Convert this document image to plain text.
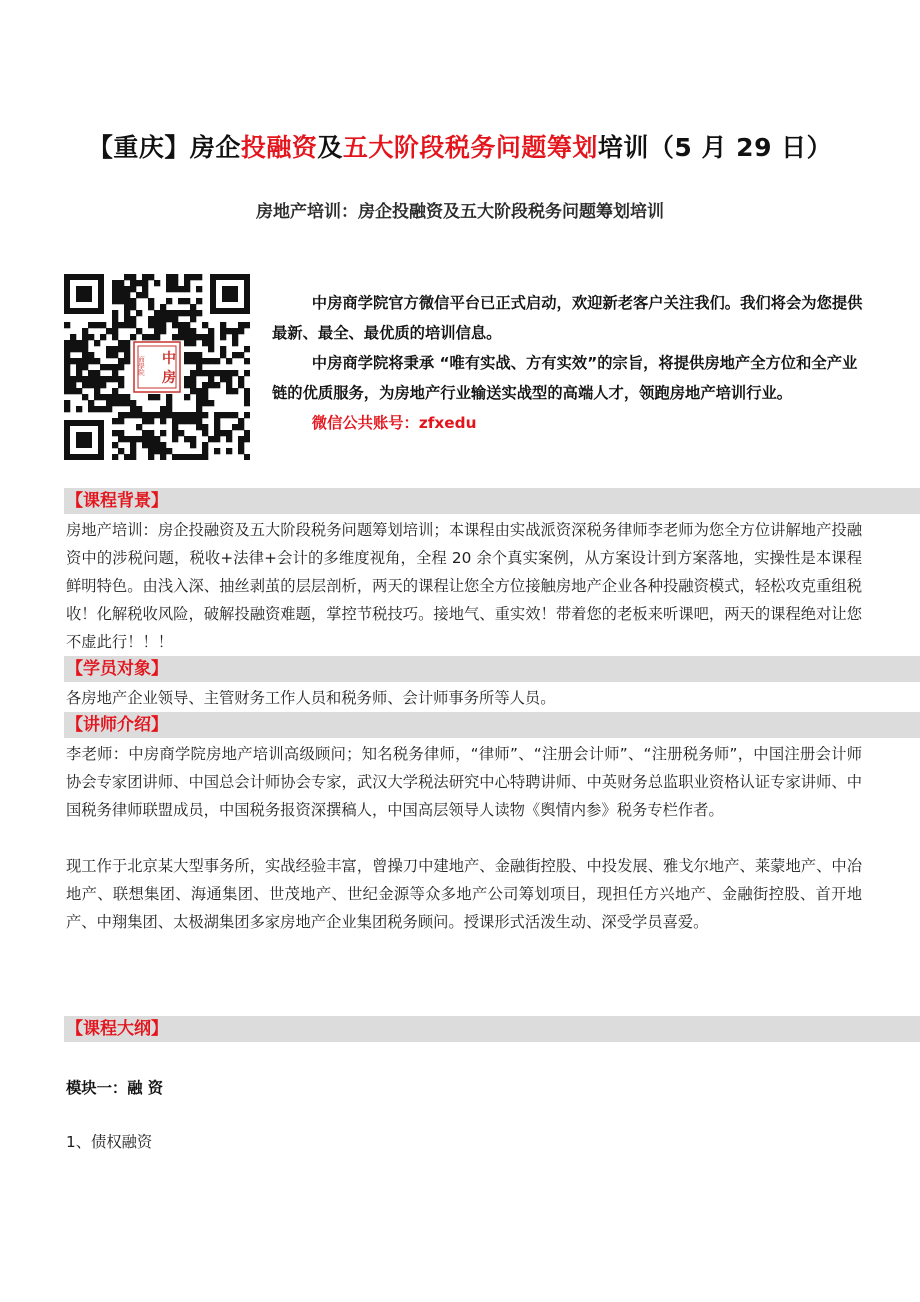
【重庆】房企投融资及五大阶段税务问题筹划培训（5 月 29 日）
房地产培训：房企投融资及五大阶段税务问题筹划培训
中
房
商學院

中房商学院官方微信平台已正式启动，欢迎新老客户关注我们。我们将会为您提供最新、最全、最优质的培训信息。

中房商学院将秉承 “唯有实战、方有实效”的宗旨，将提供房地产全方位和全产业链的优质服务，为房地产行业输送实战型的高端人才，领跑房地产培训行业。

微信公共账号：zfxedu

【课程背景】

房地产培训：房企投融资及五大阶段税务问题筹划培训；本课程由实战派资深税务律师李老师为您全方位讲解地产投融资中的涉税问题，税收+法律+会计的多维度视角，全程 20 余个真实案例，从方案设计到方案落地，实操性是本课程鲜明特色。由浅入深、抽丝剥茧的层层剖析，两天的课程让您全方位接触房地产企业各种投融资模式，轻松攻克重组税收！化解税收风险，破解投融资难题，掌控节税技巧。接地气、重实效！带着您的老板来听课吧，两天的课程绝对让您不虚此行！！！

【学员对象】

各房地产企业领导、主管财务工作人员和税务师、会计师事务所等人员。

【讲师介绍】

李老师：中房商学院房地产培训高级顾问；知名税务律师，“律师”、“注册会计师”、“注册税务师”，中国注册会计师协会专家团讲师、中国总会计师协会专家，武汉大学税法研究中心特聘讲师、中英财务总监职业资格认证专家讲师、中国税务律师联盟成员，中国税务报资深撰稿人，中国高层领导人读物《舆情内参》税务专栏作者。

现工作于北京某大型事务所，实战经验丰富，曾操刀中建地产、金融街控股、中投发展、雅戈尔地产、莱蒙地产、中冶地产、联想集团、海通集团、世茂地产、世纪金源等众多地产公司筹划项目，现担任方兴地产、金融街控股、首开地产、中翔集团、太极湖集团多家房地产企业集团税务顾问。授课形式活泼生动、深受学员喜爱。

【课程大纲】
模块一：融 资
1、债权融资
